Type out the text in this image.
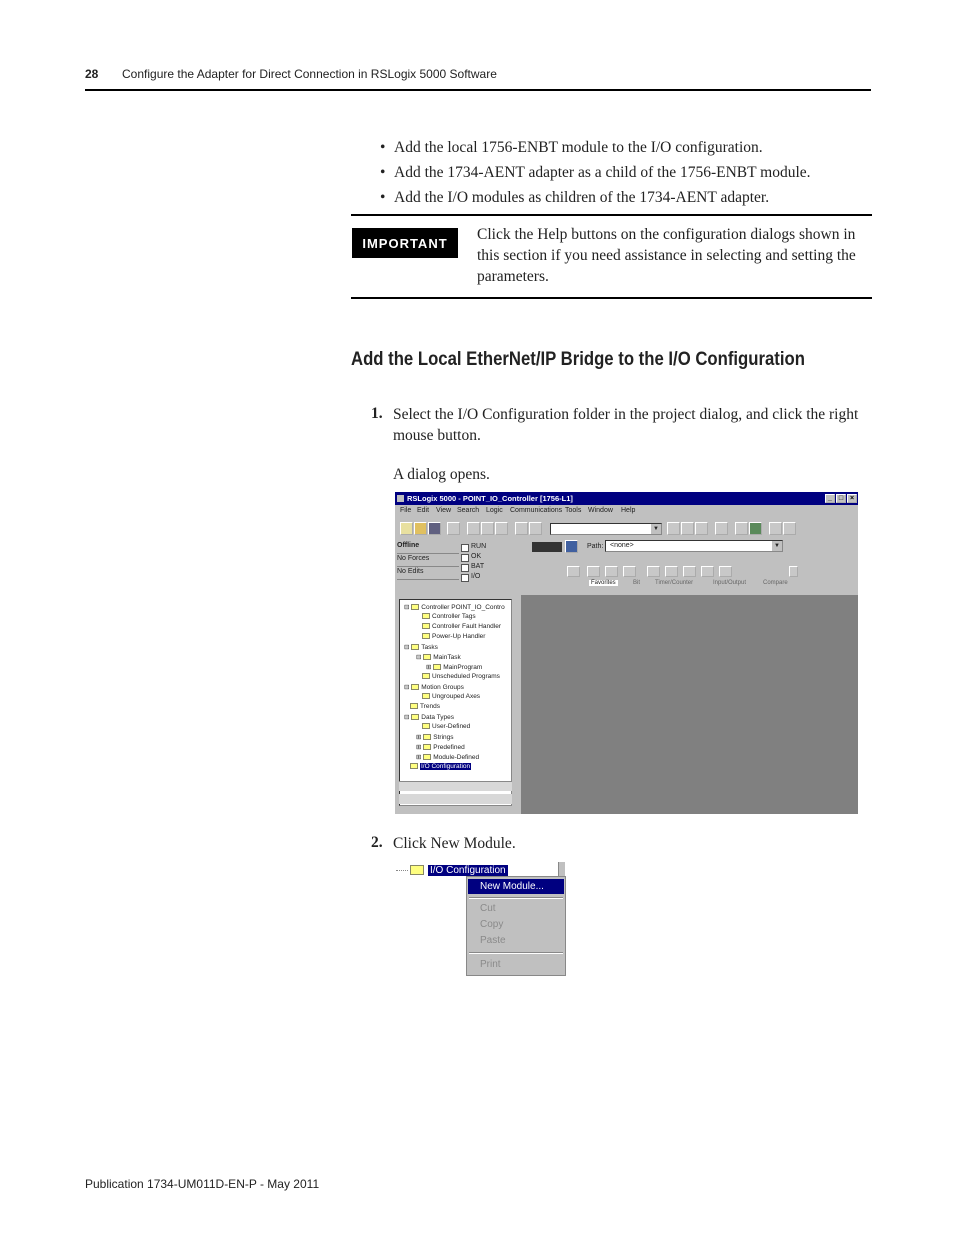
28 Configure the Adapter for Direct Connection in RSLogix 5000 Software
• Add the local 1756-ENBT module to the I/O configuration.
• Add the 1734-AENT adapter as a child of the 1756-ENBT module.
• Add the I/O modules as children of the 1734-AENT adapter.
IMPORTANT	Click the Help buttons on the configuration dialogs shown in this section if you need assistance in selecting and setting the parameters.
Add the Local EtherNet/IP Bridge to the I/O Configuration
1. Select the I/O Configuration folder in the project dialog, and click the right mouse button.
A dialog opens.
RSLogix 5000 - POINT_IO_Controller [1756-L1]	_ □ ×
File Edit View Search Logic Communications Tools Window Help
▼
Offline
No Forces
No Edits
RUN
OK
BAT
I/O
Path: <none>	▼
Favorites	Bit Timer/Counter	Input/Output	Compare
⊟ Controller POINT_IO_Contro
Controller Tags
Controller Fault Handler
Power-Up Handler
⊟ Tasks
⊟ MainTask
⊞ MainProgram
Unscheduled Programs
⊟ Motion Groups
Ungrouped Axes
Trends
⊟ Data Types
User-Defined
⊞ Strings
⊞ Predefined
⊞ Module-Defined
I/O Configuration
2. Click New Module.
I/O Configuration
New Module...
Cut
Copy
Paste
Print
Publication 1734-UM011D-EN-P - May 2011
